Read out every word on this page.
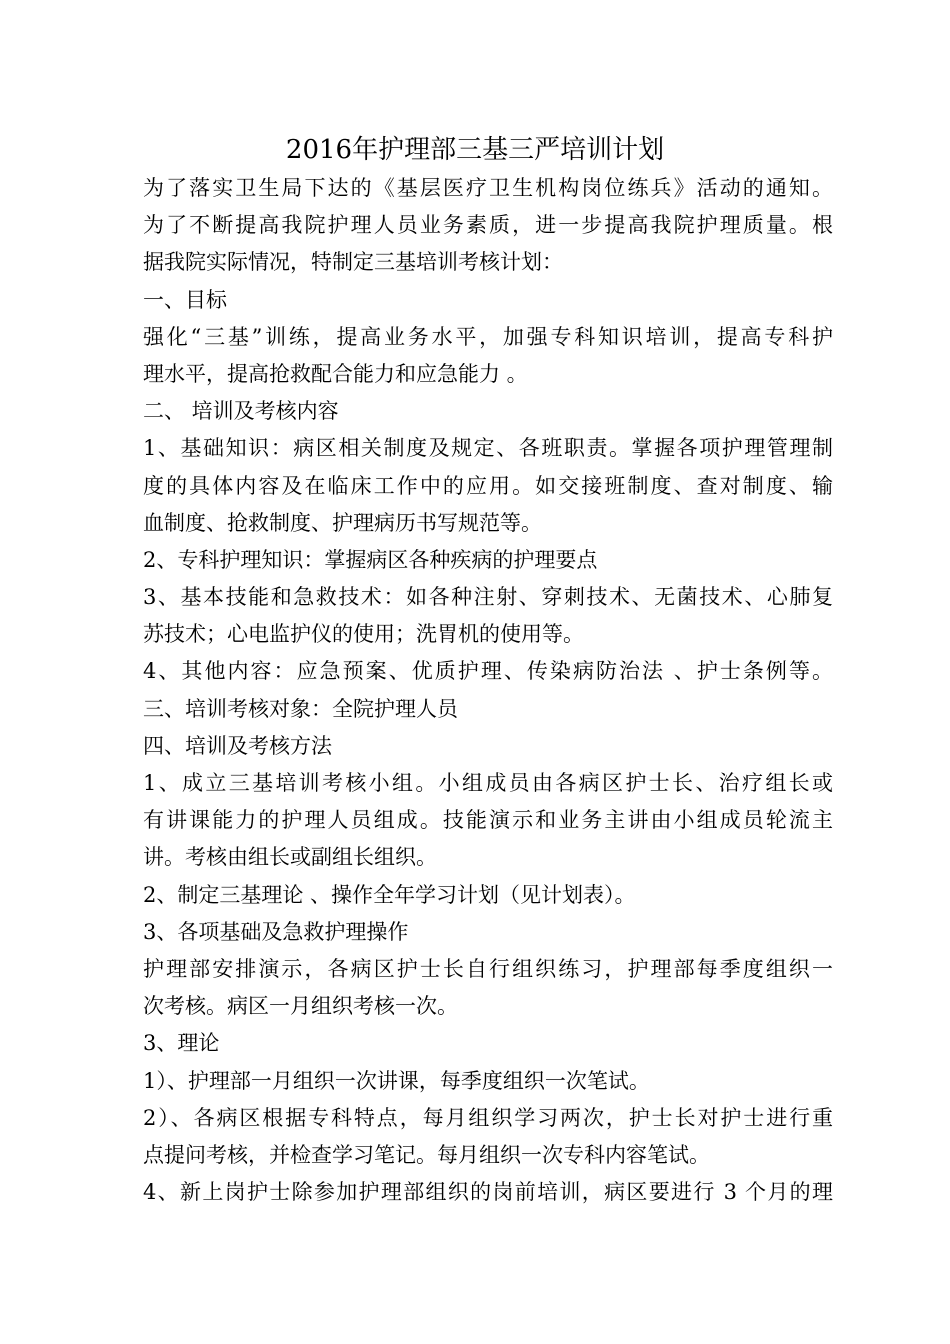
2016年护理部三基三严培训计划
为了落实卫生局下达的《基层医疗卫生机构岗位练兵》活动的通知。
为了不断提高我院护理人员业务素质，进一步提高我院护理质量。根
据我院实际情况，特制定三基培训考核计划：
一、目标
强化“三基”训练，提高业务水平，加强专科知识培训，提高专科护
理水平，提高抢救配合能力和应急能力 。
二、 培训及考核内容
1、基础知识：病区相关制度及规定、各班职责。掌握各项护理管理制
度的具体内容及在临床工作中的应用。如交接班制度、查对制度、输
血制度、抢救制度、护理病历书写规范等。
2、专科护理知识：掌握病区各种疾病的护理要点
3、基本技能和急救技术：如各种注射、穿刺技术、无菌技术、心肺复
苏技术；心电监护仪的使用；洗胃机的使用等。
4、其他内容：应急预案、优质护理、传染病防治法 、护士条例等。
三、培训考核对象：全院护理人员
四、培训及考核方法
1、成立三基培训考核小组。小组成员由各病区护士长、治疗组长或
有讲课能力的护理人员组成。技能演示和业务主讲由小组成员轮流主
讲。考核由组长或副组长组织。
2、制定三基理论 、操作全年学习计划（见计划表）。
3、各项基础及急救护理操作
护理部安排演示，各病区护士长自行组织练习，护理部每季度组织一
次考核。病区一月组织考核一次。
3、理论
1）、护理部一月组织一次讲课，每季度组织一次笔试。
2）、各病区根据专科特点，每月组织学习两次，护士长对护士进行重
点提问考核，并检查学习笔记。每月组织一次专科内容笔试。
4、新上岗护士除参加护理部组织的岗前培训，病区要进行 3 个月的理
